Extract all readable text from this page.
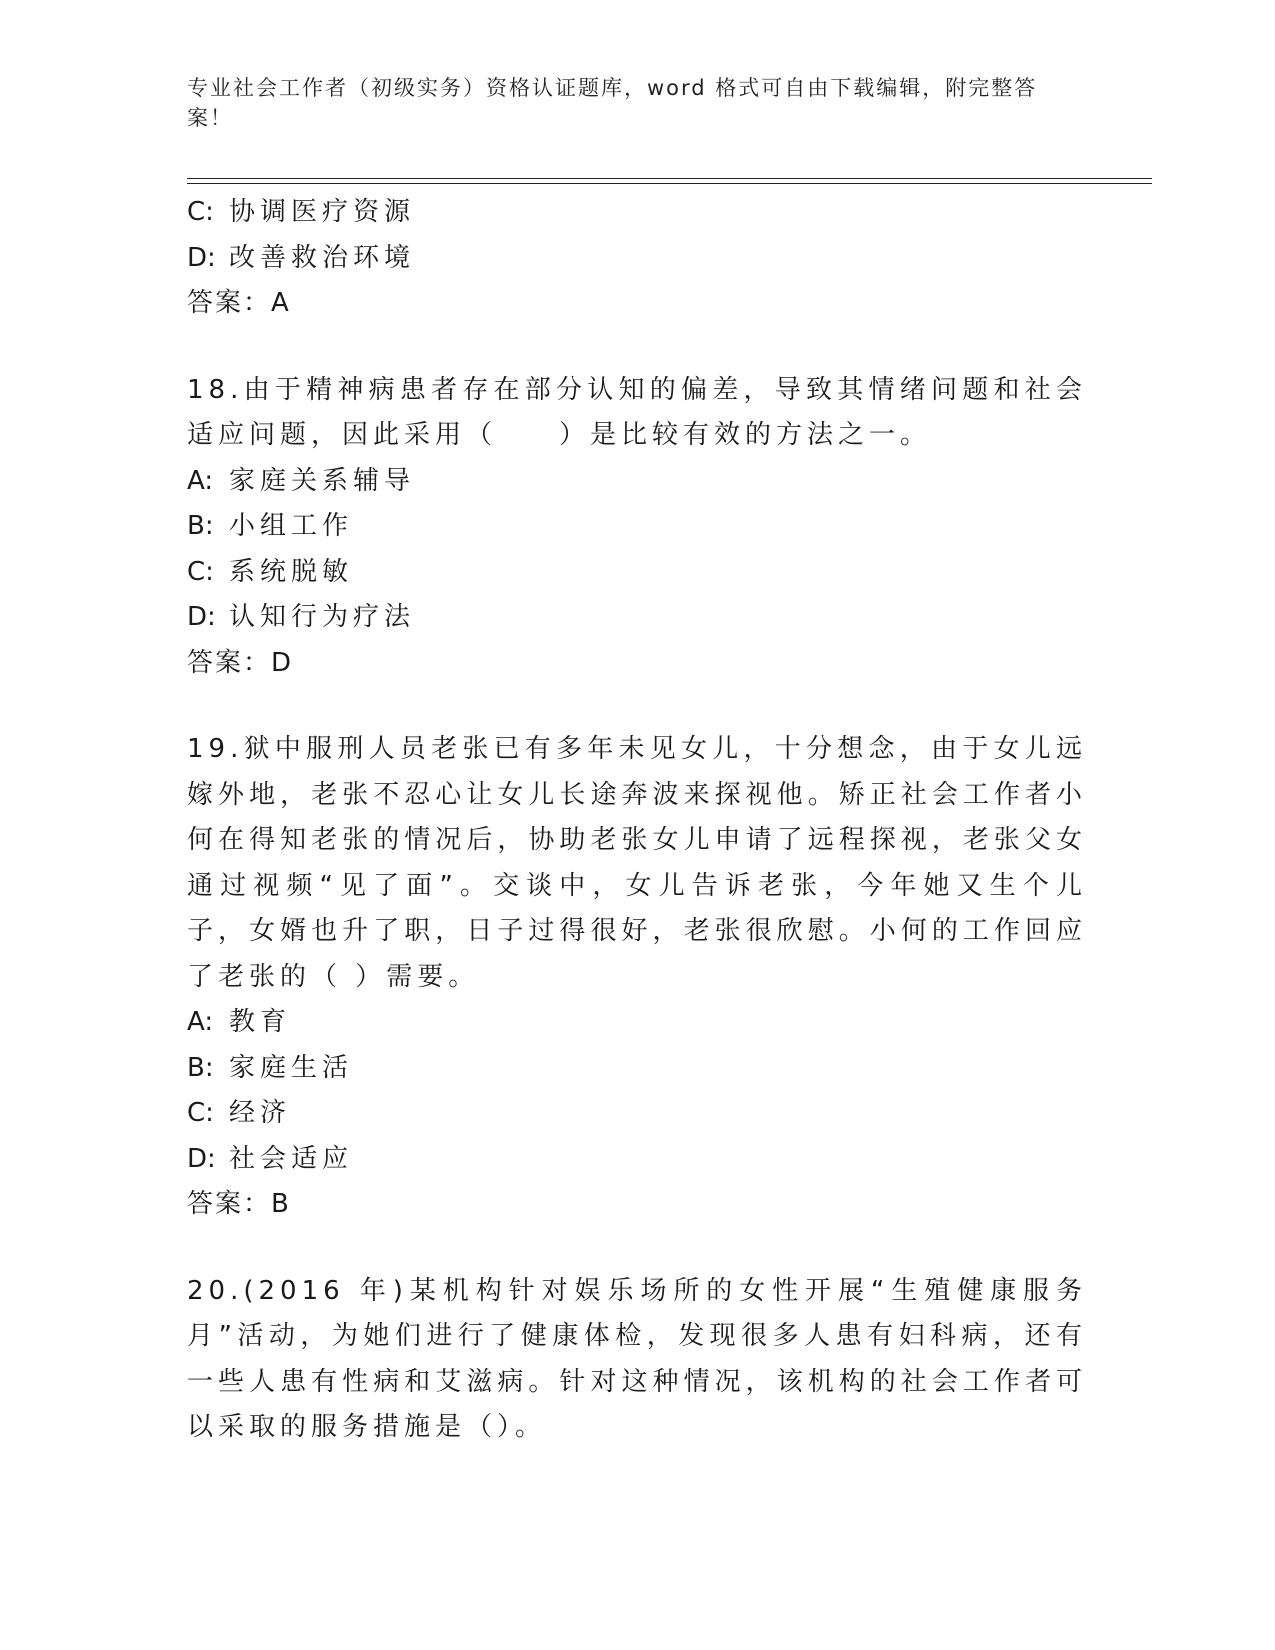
专业社会工作者（初级实务）资格认证题库，word 格式可自由下载编辑，附完整答案！
C: 协调医疗资源
D: 改善救治环境
答案：A
18.由于精神病患者存在部分认知的偏差，导致其情绪问题和社会适应问题，因此采用（　　）是比较有效的方法之一。
A: 家庭关系辅导
B: 小组工作
C: 系统脱敏
D: 认知行为疗法
答案：D
19.狱中服刑人员老张已有多年未见女儿，十分想念，由于女儿远嫁外地，老张不忍心让女儿长途奔波来探视他。矫正社会工作者小何在得知老张的情况后，协助老张女儿申请了远程探视，老张父女通过视频“见了面”。交谈中，女儿告诉老张，今年她又生个儿子，女婿也升了职，日子过得很好，老张很欣慰。小何的工作回应了老张的（ ）需要。
A: 教育
B: 家庭生活
C: 经济
D: 社会适应
答案：B
20.(2016 年)某机构针对娱乐场所的女性开展“生殖健康服务月”活动，为她们进行了健康体检，发现很多人患有妇科病，还有一些人患有性病和艾滋病。针对这种情况，该机构的社会工作者可以采取的服务措施是（）。
